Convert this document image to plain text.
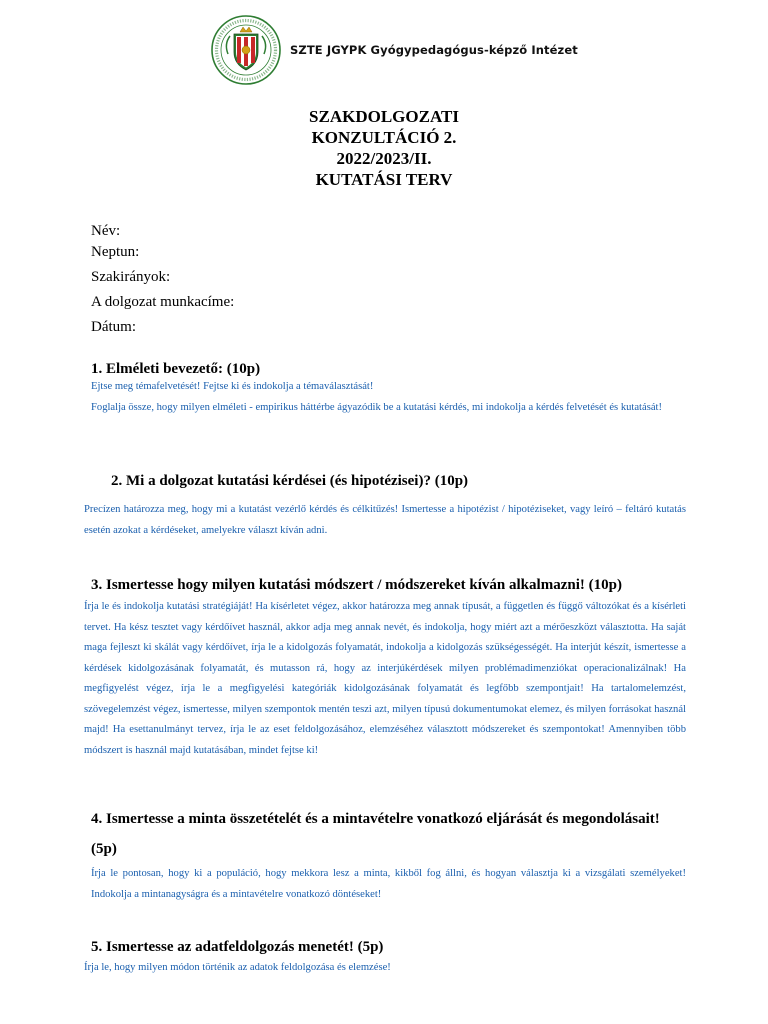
SZTE JGYPK Gyógypedagógus-képző Intézet
SZAKDOLGOZATI
KONZULTÁCIÓ 2.
2022/2023/II.
KUTATÁSI TERV
Név:
Neptun:
Szakirányok:
A dolgozat munkacíme:
Dátum:
1. Elméleti bevezető: (10p)

Ejtse meg témafelvetését! Fejtse ki és indokolja a témaválasztását!

Foglalja össze, hogy milyen elméleti - empirikus háttérbe ágyazódik be a kutatási kérdés, mi indokolja a kérdés felvetését és kutatását!

2. Mi a dolgozat kutatási kérdései (és hipotézisei)? (10p)

Precízen határozza meg, hogy mi a kutatást vezérlő kérdés és célkitűzés! Ismertesse a hipotézist / hipotéziseket, vagy leíró – feltáró kutatás esetén azokat a kérdéseket, amelyekre választ kíván adni.

3. Ismertesse hogy milyen kutatási módszert / módszereket kíván alkalmazni! (10p)

Írja le és indokolja kutatási stratégiáját! Ha kísérletet végez, akkor határozza meg annak típusát, a független és függő változókat és a kísérleti tervet. Ha kész tesztet vagy kérdőívet használ, akkor adja meg annak nevét, és indokolja, hogy miért azt a mérőeszközt választotta. Ha saját maga fejleszt ki skálát vagy kérdőívet, írja le a kidolgozás folyamatát, indokolja a kidolgozás szükségességét. Ha interjút készít, ismertesse a kérdések kidolgozásának folyamatát, és mutasson rá, hogy az interjúkérdések milyen problémadimenziókat operacionalizálnak! Ha megfigyelést végez, írja le a megfigyelési kategóriák kidolgozásának folyamatát és legfőbb szempontjait! Ha tartalomelemzést, szövegelemzést végez, ismertesse, milyen szempontok mentén teszi azt, milyen típusú dokumentumokat elemez, és milyen forrásokat használ majd! Ha esettanulmányt tervez, írja le az eset feldolgozásához, elemzéséhez választott módszereket és szempontokat! Amennyiben több módszert is használ majd kutatásában, mindet fejtse ki!

4. Ismertesse a minta összetételét és a mintavételre vonatkozó eljárását és megondolásait! (5p)

Írja le pontosan, hogy ki a populáció, hogy mekkora lesz a minta, kikből fog állni, és hogyan választja ki a vizsgálati személyeket! Indokolja a mintanagyságra és a mintavételre vonatkozó döntéseket!

5. Ismertesse az adatfeldolgozás menetét! (5p)

Írja le, hogy milyen módon történik az adatok feldolgozása és elemzése!
